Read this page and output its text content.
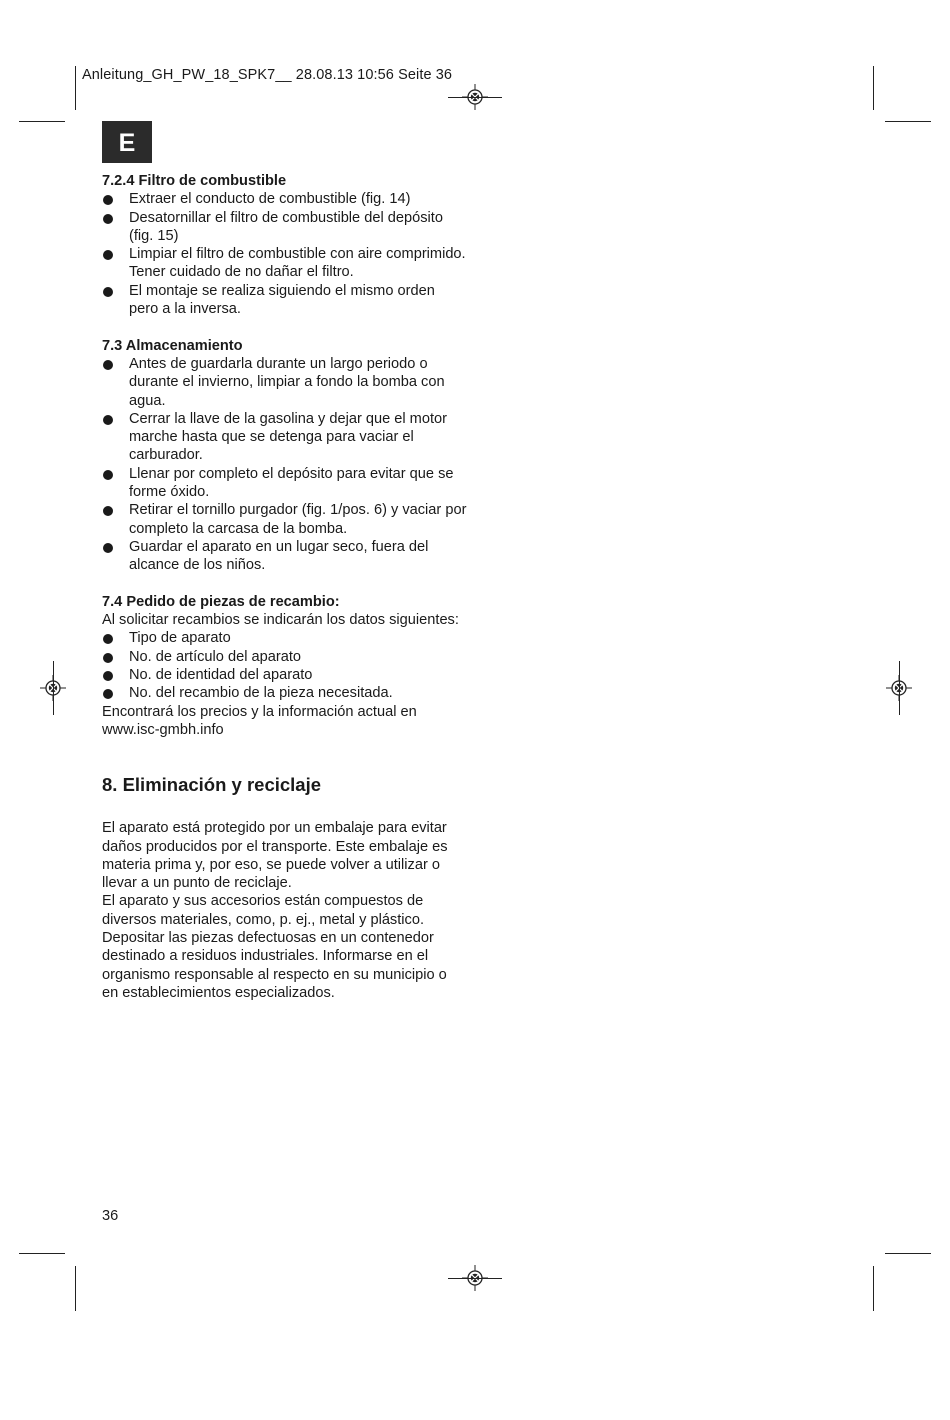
Anleitung_GH_PW_18_SPK7__ 28.08.13 10:56 Seite 36
E
7.2.4 Filtro de combustible
Extraer el conducto de combustible (fig. 14)
Desatornillar el filtro de combustible del depósito (fig. 15)
Limpiar el filtro de combustible con aire comprimido. Tener cuidado de no dañar el filtro.
El montaje se realiza siguiendo el mismo orden pero a la inversa.
7.3 Almacenamiento
Antes de guardarla durante un largo periodo o durante el invierno, limpiar a fondo la bomba con agua.
Cerrar la llave de la gasolina y dejar que el motor marche hasta que se detenga para vaciar el carburador.
Llenar por completo el depósito para evitar que se forme óxido.
Retirar el tornillo purgador (fig. 1/pos. 6) y vaciar por completo la carcasa de la bomba.
Guardar el aparato en un lugar seco, fuera del alcance de los niños.
7.4 Pedido de piezas de recambio:

Al solicitar recambios se indicarán los datos siguientes:

Tipo de aparato
No. de artículo del aparato
No. de identidad del aparato
No. del recambio de la pieza necesitada.

Encontrará los precios y la información actual en www.isc-gmbh.info

8. Eliminación y reciclaje

El aparato está protegido por un embalaje para evitar daños producidos por el transporte. Este embalaje es materia prima y, por eso, se puede volver a utilizar o llevar a un punto de reciclaje.

El aparato y sus accesorios están compuestos de diversos materiales, como, p. ej., metal y plástico. Depositar las piezas defectuosas en un contenedor destinado a residuos industriales. Informarse en el organismo responsable al respecto en su municipio o en establecimientos especializados.

36
